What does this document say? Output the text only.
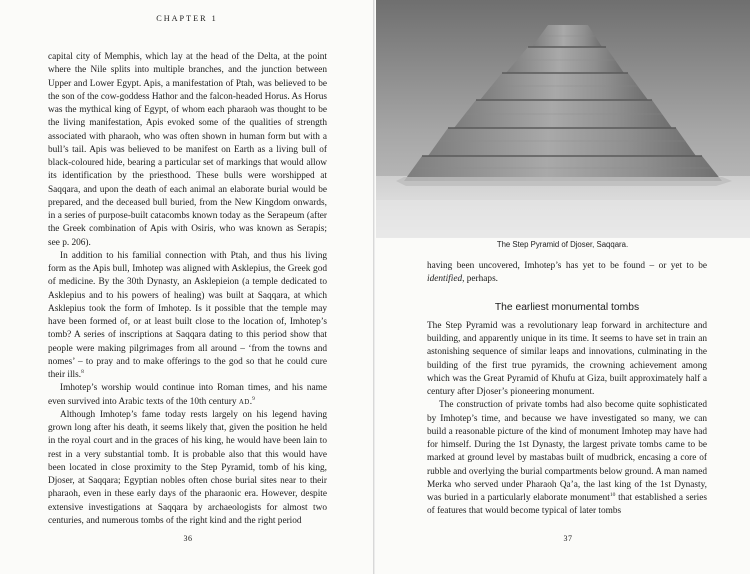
CHAPTER 1

capital city of Memphis, which lay at the head of the Delta, at the point where the Nile splits into multiple branches, and the junction between Upper and Lower Egypt. Apis, a manifestation of Ptah, was believed to be the son of the cow-goddess Hathor and the falcon-headed Horus. As Horus was the mythical king of Egypt, of whom each pharaoh was thought to be the living manifestation, Apis evoked some of the qualities of strength associated with pharaoh, who was often shown in human form but with a bull’s tail. Apis was believed to be manifest on Earth as a living bull of black-coloured hide, bearing a particular set of markings that would allow its identification by the priesthood. These bulls were worshipped at Saqqara, and upon the death of each animal an elaborate burial would be prepared, and the deceased bull buried, from the New Kingdom onwards, in a series of purpose-built catacombs known today as the Serapeum (after the Greek combination of Apis with Osiris, who was known as Serapis; see p. 206).

In addition to his familial connection with Ptah, and thus his living form as the Apis bull, Imhotep was aligned with Asklepius, the Greek god of medicine. By the 30th Dynasty, an Asklepieion (a temple dedicated to Asklepius and to his powers of healing) was built at Saqqara, at which Asklepius took the form of Imhotep. Is it possible that the temple may have been formed of, or at least built close to the location of, Imhotep’s tomb? A series of inscriptions at Saqqara dating to this period show that people were making pilgrimages from all around – ‘from the towns and nomes’ – to pray and to make offerings to the god so that he could cure their ills.$^8$

Imhotep’s worship would continue into Roman times, and his name even survived into Arabic texts of the 10th century ad.$^9$

Although Imhotep’s fame today rests largely on his legend having grown long after his death, it seems likely that, given the position he held in the royal court and in the graces of his king, he would have been lain to rest in a very substantial tomb. It is probable also that this would have been located in close proximity to the Step Pyramid, tomb of his king, Djoser, at Saqqara; Egyptian nobles often chose burial sites near to their pharaoh, even in these early days of the pharaonic era. However, despite extensive investigations at Saqqara by archaeologists for almost two centuries, and numerous tombs of the right kind and the right period

36
The Step Pyramid of Djoser, Saqqara.

having been uncovered, Imhotep’s has yet to be found – or yet to be identified, perhaps.

The earliest monumental tombs

The Step Pyramid was a revolutionary leap forward in architecture and building, and apparently unique in its time. It seems to have set in train an astonishing sequence of similar leaps and innovations, culminating in the building of the first true pyramids, the crowning achievement among which was the Great Pyramid of Khufu at Giza, built approximately half a century after Djoser’s pioneering monument.

The construction of private tombs had also become quite sophisticated by Imhotep’s time, and because we have investigated so many, we can build a reasonable picture of the kind of monument Imhotep may have had for himself. During the 1st Dynasty, the largest private tombs came to be marked at ground level by mastabas built of mudbrick, encasing a core of rubble and overlying the burial compartments below ground. A man named Merka who served under Pharaoh Qa’a, the last king of the 1st Dynasty, was buried in a particularly elaborate monument$^{10}$ that established a series of features that would become typical of later tombs

37
